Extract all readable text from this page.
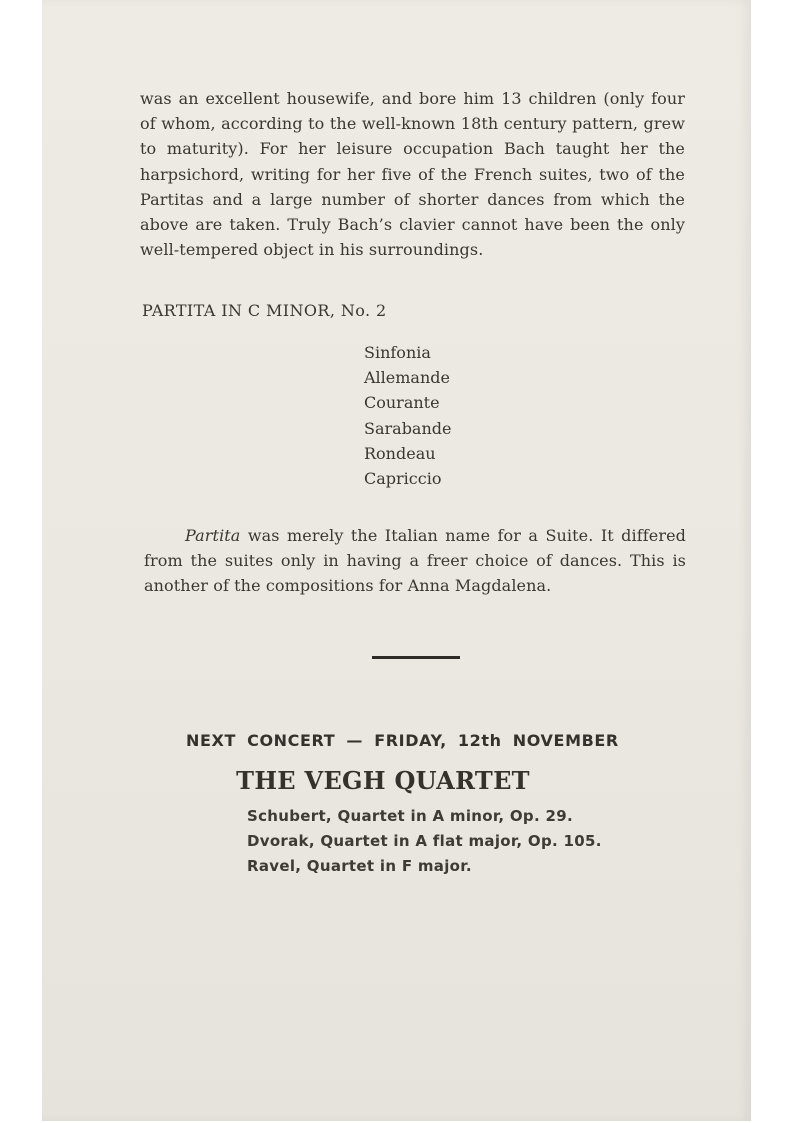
was an excellent housewife, and bore him 13 children (only four of whom, according to the well-known 18th century pattern, grew to maturity). For her leisure occupation Bach taught her the harpsichord, writing for her five of the French suites, two of the Partitas and a large number of shorter dances from which the above are taken. Truly Bach’s clavier cannot have been the only well-tempered object in his surroundings.

PARTITA IN C MINOR, No. 2
Sinfonia
Allemande
Courante
Sarabande
Rondeau
Capriccio

Partita was merely the Italian name for a Suite. It differed from the suites only in having a freer choice of dances. This is another of the compositions for Anna Magdalena.

NEXT CONCERT — FRIDAY, 12th NOVEMBER
THE VEGH QUARTET
Schubert, Quartet in A minor, Op. 29.
Dvorak, Quartet in A flat major, Op. 105.
Ravel, Quartet in F major.
